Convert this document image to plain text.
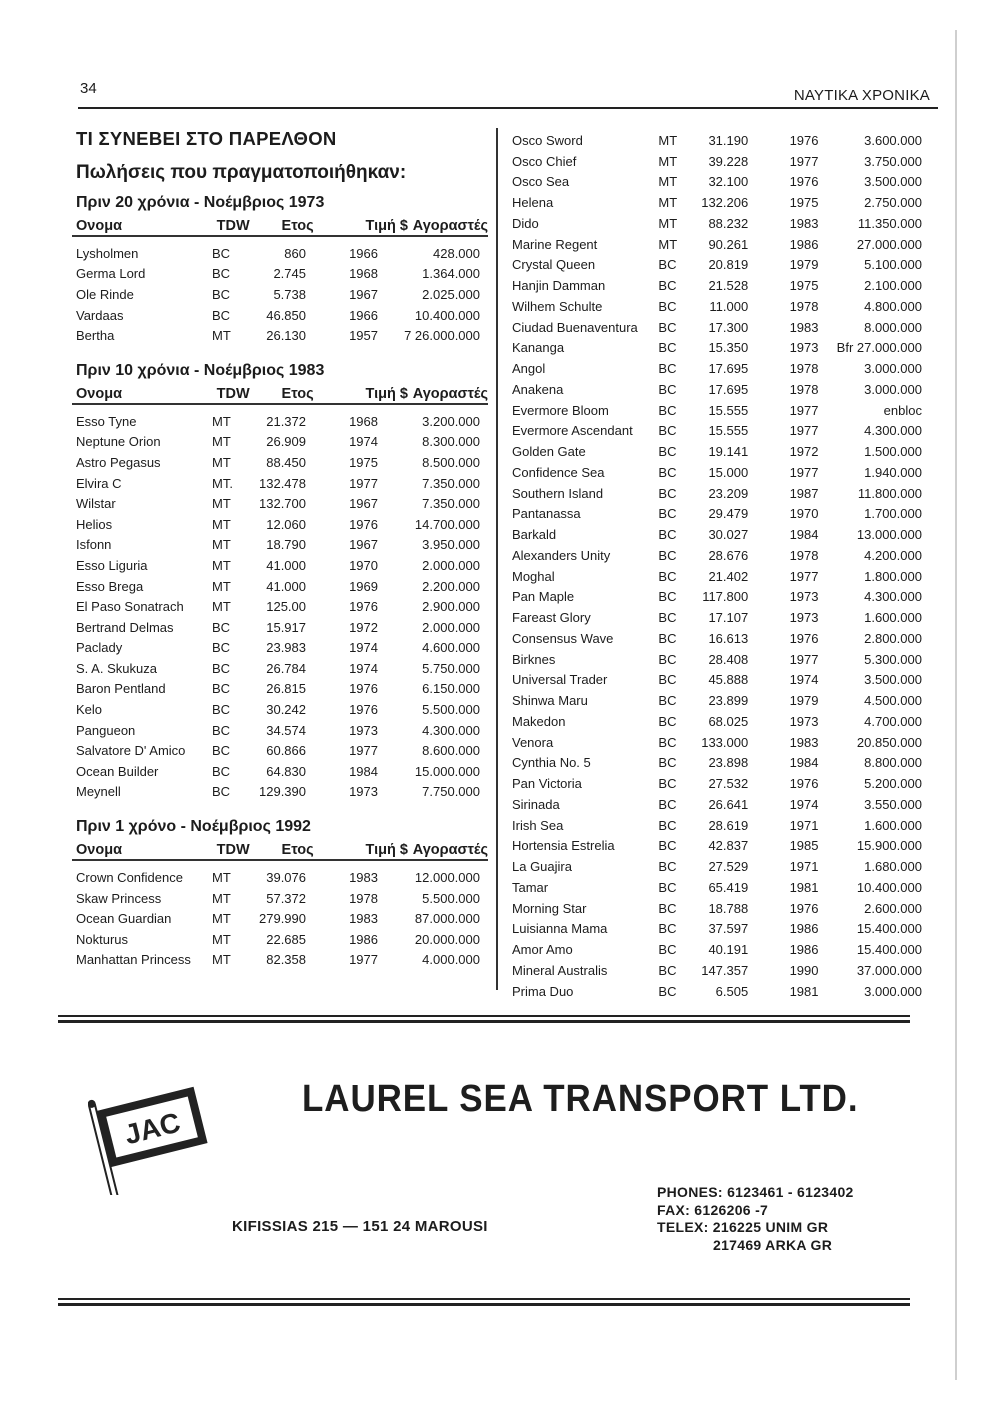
34	ΝΑΥΤΙΚΑ ΧΡΟΝΙΚΑ
ΤΙ ΣΥΝΕΒΕΙ ΣΤΟ ΠΑΡΕΛΘΟΝ
Πωλήσεις που πραγματοποιήθηκαν:
Πριν 20 χρόνια - Νοέμβριος 1973
Ονομα	TDW	Ετος	Τιμή $ Αγοραστές
Lysholmen	BC	860	1966	428.000
Germa Lord	BC	2.745	1968	1.364.000
Ole Rinde	BC	5.738	1967	2.025.000
Vardaas	BC	46.850	1966	10.400.000
Bertha	MT	26.130	1957	7 26.000.000
Πριν 10 χρόνια - Νοέμβριος 1983
Ονομα	TDW	Ετος	Τιμή $ Αγοραστές
Esso Tyne	MT	21.372	1968	3.200.000
Neptune Orion	MT	26.909	1974	8.300.000
Astro Pegasus	MT	88.450	1975	8.500.000
Elvira C	MT.	132.478	1977	7.350.000
Wilstar	MT	132.700	1967	7.350.000
Helios	MT	12.060	1976	14.700.000
Isfonn	MT	18.790	1967	3.950.000
Esso Liguria	MT	41.000	1970	2.000.000
Esso Brega	MT	41.000	1969	2.200.000
El Paso Sonatrach	MT	125.00	1976	2.900.000
Bertrand Delmas	BC	15.917	1972	2.000.000
Paclady	BC	23.983	1974	4.600.000
S. A. Skukuza	BC	26.784	1974	5.750.000
Baron Pentland	BC	26.815	1976	6.150.000
Kelo	BC	30.242	1976	5.500.000
Pangueon	BC	34.574	1973	4.300.000
Salvatore D' Amico	BC	60.866	1977	8.600.000
Ocean Builder	BC	64.830	1984	15.000.000
Meynell	BC	129.390	1973	7.750.000
Πριν 1 χρόνο - Νοέμβριος 1992
Ονομα	TDW	Ετος	Τιμή $ Αγοραστές
Crown Confidence	MT	39.076	1983	12.000.000
Skaw Princess	MT	57.372	1978	5.500.000
Ocean Guardian	MT	279.990	1983	87.000.000
Nokturus	MT	22.685	1986	20.000.000
Manhattan Princess	MT	82.358	1977	4.000.000
Osco Sword	MT	31.190	1976	3.600.000
Osco Chief	MT	39.228	1977	3.750.000
Osco Sea	MT	32.100	1976	3.500.000
Helena	MT	132.206	1975	2.750.000
Dido	MT	88.232	1983	11.350.000
Marine Regent	MT	90.261	1986	27.000.000
Crystal Queen	BC	20.819	1979	5.100.000
Hanjin Damman	BC	21.528	1975	2.100.000
Wilhem Schulte	BC	11.000	1978	4.800.000
Ciudad Buenaventura	BC	17.300	1983	8.000.000
Kananga	BC	15.350	1973	Bfr 27.000.000
Angol	BC	17.695	1978	3.000.000
Anakena	BC	17.695	1978	3.000.000
Evermore Bloom	BC	15.555	1977	enbloc
Evermore Ascendant	BC	15.555	1977	4.300.000
Golden Gate	BC	19.141	1972	1.500.000
Confidence Sea	BC	15.000	1977	1.940.000
Southern Island	BC	23.209	1987	11.800.000
Pantanassa	BC	29.479	1970	1.700.000
Barkald	BC	30.027	1984	13.000.000
Alexanders Unity	BC	28.676	1978	4.200.000
Moghal	BC	21.402	1977	1.800.000
Pan Maple	BC	117.800	1973	4.300.000
Fareast Glory	BC	17.107	1973	1.600.000
Consensus Wave	BC	16.613	1976	2.800.000
Birknes	BC	28.408	1977	5.300.000
Universal Trader	BC	45.888	1974	3.500.000
Shinwa Maru	BC	23.899	1979	4.500.000
Makedon	BC	68.025	1973	4.700.000
Venora	BC	133.000	1983	20.850.000
Cynthia No. 5	BC	23.898	1984	8.800.000
Pan Victoria	BC	27.532	1976	5.200.000
Sirinada	BC	26.641	1974	3.550.000
Irish Sea	BC	28.619	1971	1.600.000
Hortensia Estrelia	BC	42.837	1985	15.900.000
La Guajira	BC	27.529	1971	1.680.000
Tamar	BC	65.419	1981	10.400.000
Morning Star	BC	18.788	1976	2.600.000
Luisianna Mama	BC	37.597	1986	15.400.000
Amor Amo	BC	40.191	1986	15.400.000
Mineral Australis	BC	147.357	1990	37.000.000
Prima Duo	BC	6.505	1981	3.000.000
JAC
LAUREL SEA TRANSPORT LTD.
KIFISSIAS 215 — 151 24 MAROUSI
PHONES: 6123461 - 6123402
FAX: 6126206 -7
TELEX: 216225 UNIM GR
217469 ARKA GR
